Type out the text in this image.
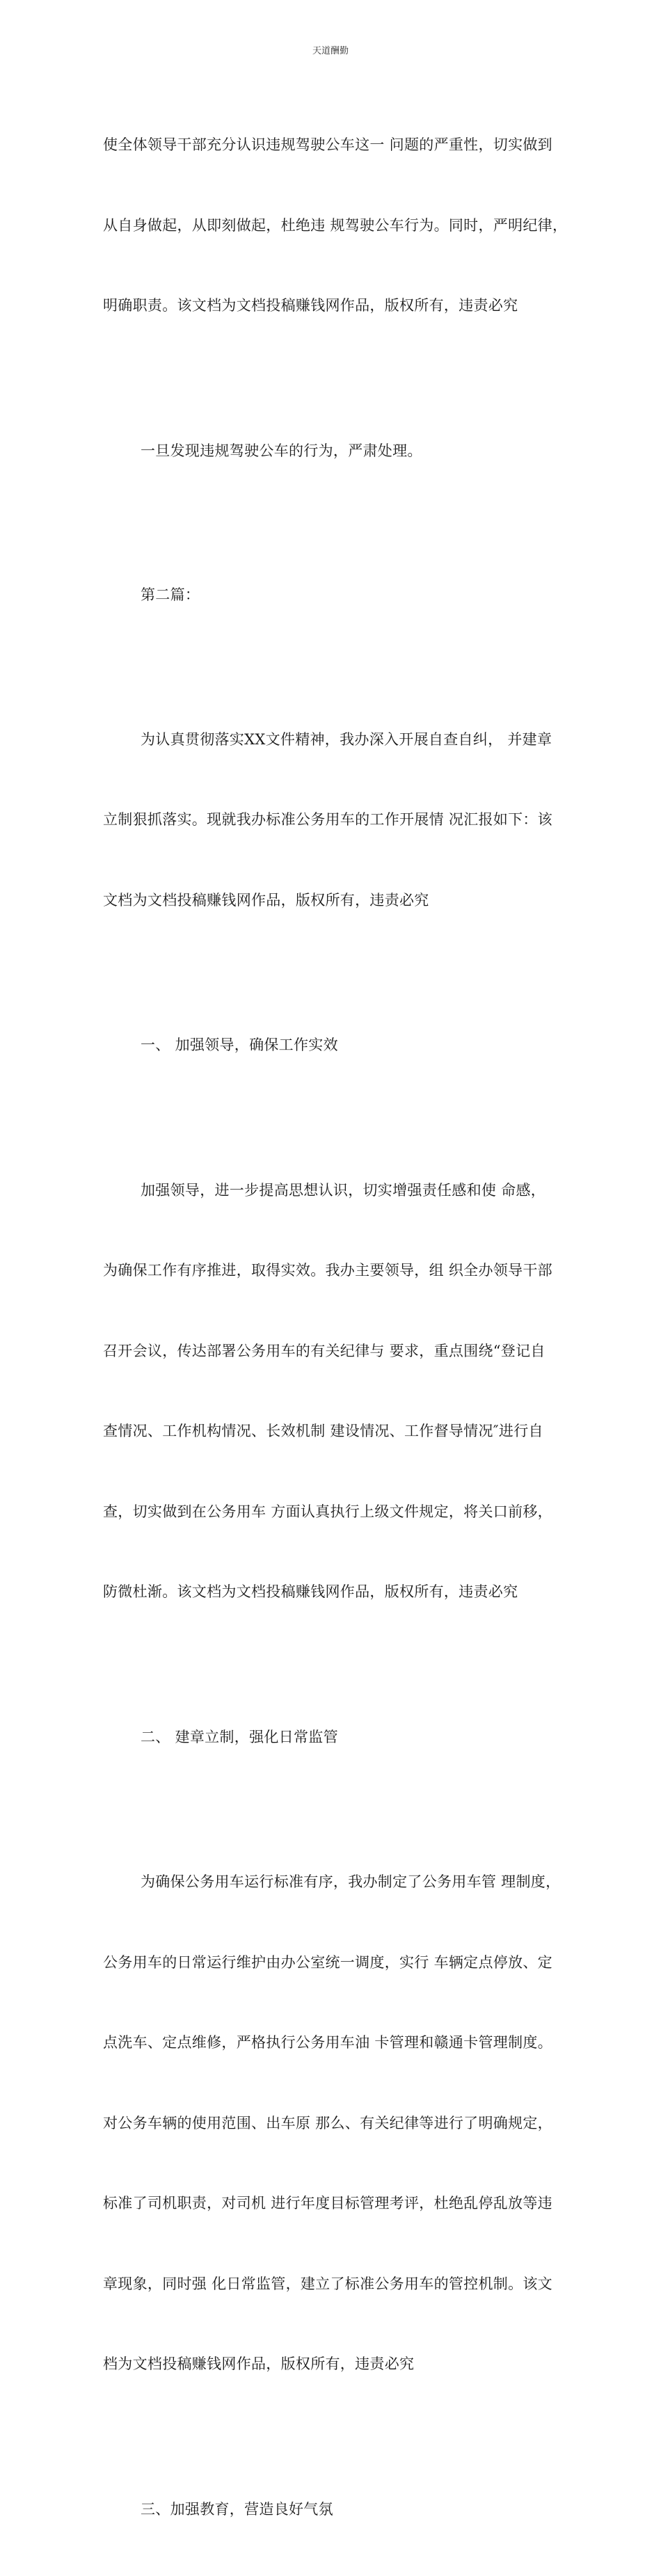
天道酬勤

使全体领导干部充分认识违规驾驶公车这一 问题的严重性，切实做到

从自身做起，从即刻做起，杜绝违 规驾驶公车行为。同时，严明纪律，

明确职责。该文档为文档投稿赚钱网作品，版权所有，违责必究

一旦发现违规驾驶公车的行为，严肃处理。

第二篇：

为认真贯彻落实XX文件精神，我办深入开展自查自纠， 并建章

立制狠抓落实。现就我办标准公务用车的工作开展情 况汇报如下：该

文档为文档投稿赚钱网作品，版权所有，违责必究

一、 加强领导，确保工作实效

加强领导，进一步提高思想认识，切实增强责任感和使 命感，

为确保工作有序推进，取得实效。我办主要领导，组 织全办领导干部

召开会议，传达部署公务用车的有关纪律与 要求，重点围绕“登记自

查情况、工作机构情况、长效机制 建设情况、工作督导情况″进行自

查，切实做到在公务用车 方面认真执行上级文件规定，将关口前移，

防微杜渐。该文档为文档投稿赚钱网作品，版权所有，违责必究

二、 建章立制，强化日常监管

为确保公务用车运行标准有序，我办制定了公务用车管 理制度，

公务用车的日常运行维护由办公室统一调度，实行 车辆定点停放、定

点洗车、定点维修，严格执行公务用车油 卡管理和赣通卡管理制度。

对公务车辆的使用范围、出车原 那么、有关纪律等进行了明确规定，

标准了司机职责，对司机 进行年度目标管理考评，杜绝乱停乱放等违

章现象，同时强 化日常监管，建立了标准公务用车的管控机制。该文

档为文档投稿赚钱网作品，版权所有，违责必究

三、加强教育，营造良好气氛
